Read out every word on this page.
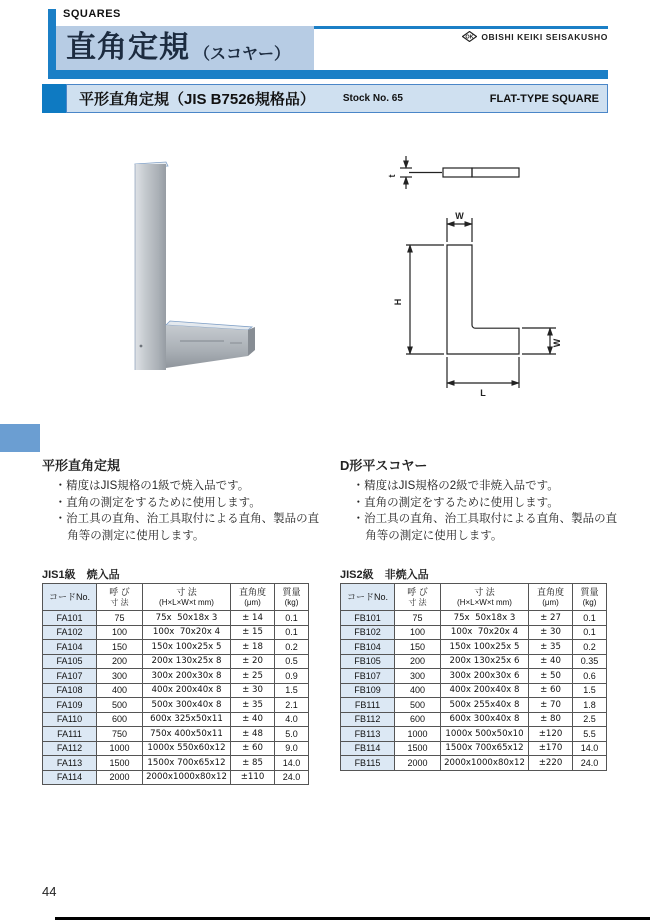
SQUARES
直角定規 （スコヤー）
OK OBISHI KEIKI SEISAKUSHO
平形直角定規（JIS B7526規格品）	Stock No. 65	FLAT-TYPE SQUARE
t
W
H
W
L
平形直角定規
・精度はJIS規格の1級で焼入品です。
・直角の測定をするために使用します。
・治工具の直角、治工具取付による直角、製品の直角等の測定に使用します。
D形平スコヤー
・精度はJIS規格の2級で非焼入品です。
・直角の測定をするために使用します。
・治工具の直角、治工具取付による直角、製品の直角等の測定に使用します。
JIS1級　焼入品	JIS2級　非焼入品
コードNo.	呼 び
寸 法

寸 法
(H×L×W×t mm)

直角度
(μm)

質量
(kg)

FA101	75	75x  50x18x 3	± 14	0.1
FA102	100	100x  70x20x 4	± 15	0.1
FA104	150	150x 100x25x 5	± 18	0.2
FA105	200	200x 130x25x 8	± 20	0.5
FA107	300	300x 200x30x 8	± 25	0.9
FA108	400	400x 200x40x 8	± 30	1.5
FA109	500	500x 300x40x 8	± 35	2.1
FA110	600	600x 325x50x11	± 40	4.0
FA111	750	750x 400x50x11	± 48	5.0
FA112	1000	1000x 550x60x12	± 60	9.0
FA113	1500	1500x 700x65x12	± 85	14.0
FA114	2000	2000x1000x80x12	±110	24.0
コードNo.	呼 び
寸 法

寸 法
(H×L×W×t mm)

直角度
(μm)

質量
(kg)

FB101	75	75x  50x18x 3	± 27	0.1
FB102	100	100x  70x20x 4	± 30	0.1
FB104	150	150x 100x25x 5	± 35	0.2
FB105	200	200x 130x25x 6	± 40	0.35
FB107	300	300x 200x30x 6	± 50	0.6
FB109	400	400x 200x40x 8	± 60	1.5
FB111	500	500x 255x40x 8	± 70	1.8
FB112	600	600x 300x40x 8	± 80	2.5
FB113	1000	1000x 500x50x10	±120	5.5
FB114	1500	1500x 700x65x12	±170	14.0
FB115	2000	2000x1000x80x12	±220	24.0
44
